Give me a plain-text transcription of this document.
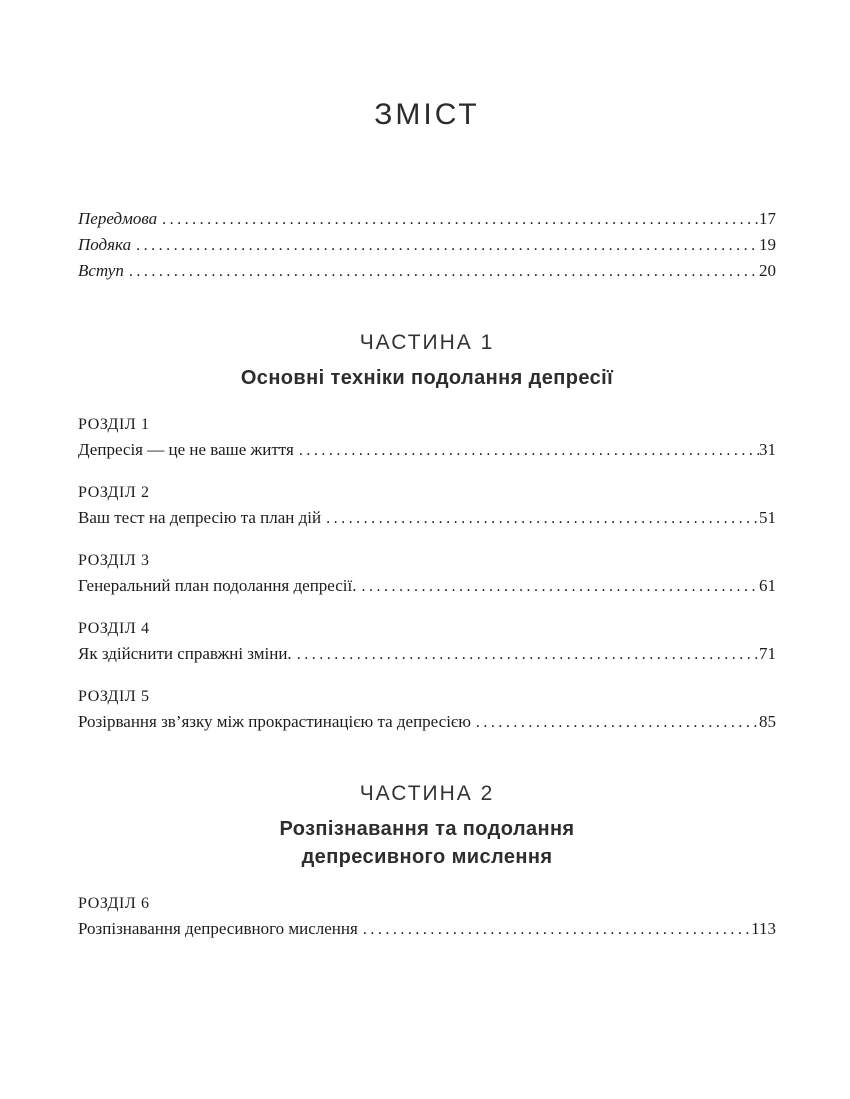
ЗМІСТ
Передмова .....	17
Подяка .....	19
Вступ .....	20
ЧАСТИНА 1
Основні техніки подолання депресії
РОЗДІЛ 1
Депресія — це не ваше життя .....	31
РОЗДІЛ 2
Ваш тест на депресію та план дій .....	51
РОЗДІЛ 3
Генеральний план подолання депресії. .....	61
РОЗДІЛ 4
Як здійснити справжні зміни. .....	71
РОЗДІЛ 5
Розірвання зв’язку між прокрастинацією та депресією .....	85
ЧАСТИНА 2
Розпізнавання та подолання
депресивного мислення
РОЗДІЛ 6
Розпізнавання депресивного мислення .....	113
